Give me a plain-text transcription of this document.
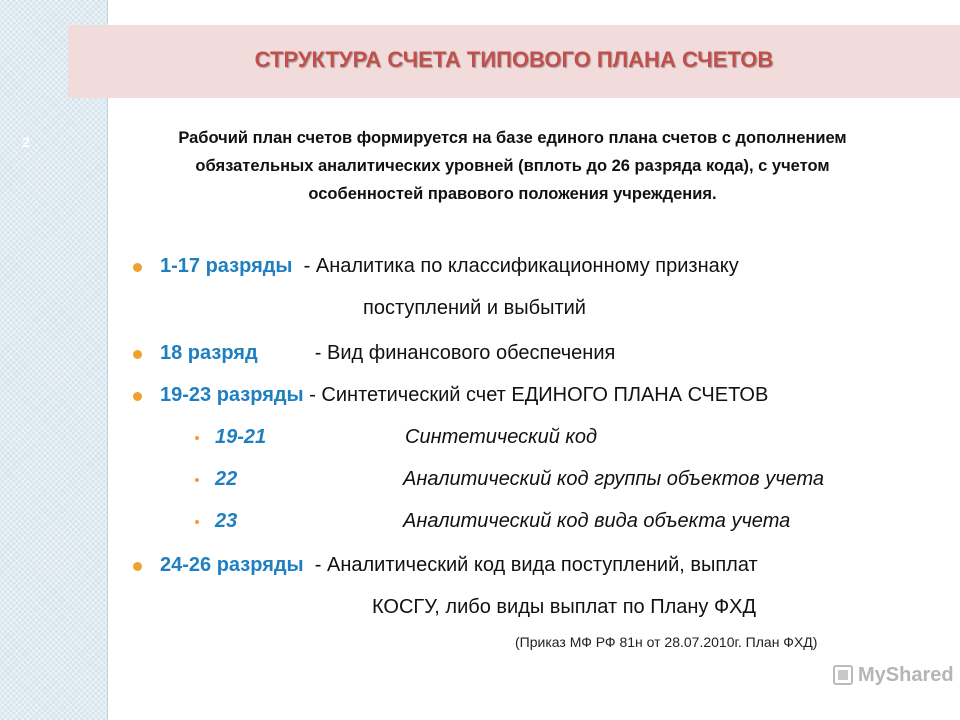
2
СТРУКТУРА СЧЕТА ТИПОВОГО ПЛАНА СЧЕТОВ
Рабочий план счетов формируется на базе единого плана счетов с дополнением обязательных аналитических уровней (вплоть до 26 разряда кода), с учетом особенностей правового положения учреждения.
1-17 разряды  - Аналитика по классификационному признаку
поступлений и выбытий
18 разряд  - Вид финансового обеспечения
19-23 разряды - Синтетический счет ЕДИНОГО ПЛАНА СЧЕТОВ
19-21	Синтетический код
22	Аналитический код группы объектов учета
23	Аналитический код вида объекта учета
24-26 разряды  - Аналитический код вида поступлений, выплат
КОСГУ, либо виды выплат по Плану ФХД
(Приказ МФ РФ 81н от 28.07.2010г. План ФХД)
MyShared
